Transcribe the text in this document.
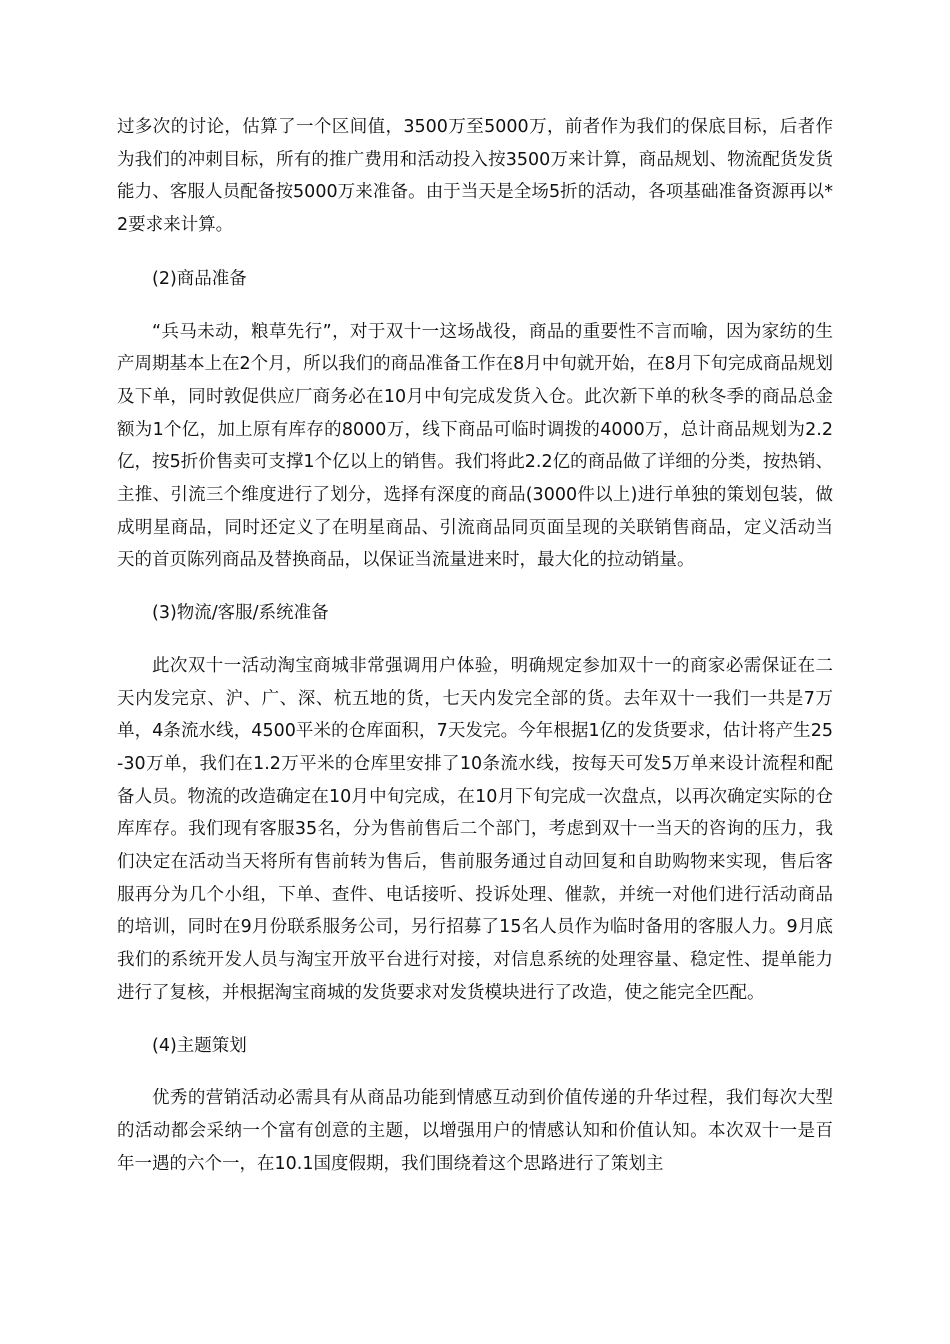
过多次的讨论，估算了一个区间值，3500万至5000万，前者作为我们的保底目标，后者作为我们的冲刺目标，所有的推广费用和活动投入按3500万来计算，商品规划、物流配货发货能力、客服人员配备按5000万来准备。由于当天是全场5折的活动，各项基础准备资源再以*2要求来计算。

(2)商品准备

“兵马未动，粮草先行”，对于双十一这场战役，商品的重要性不言而喻，因为家纺的生产周期基本上在2个月，所以我们的商品准备工作在8月中旬就开始，在8月下旬完成商品规划及下单，同时敦促供应厂商务必在10月中旬完成发货入仓。此次新下单的秋冬季的商品总金额为1个亿，加上原有库存的8000万，线下商品可临时调拨的4000万，总计商品规划为2.2亿，按5折价售卖可支撑1个亿以上的销售。我们将此2.2亿的商品做了详细的分类，按热销、主推、引流三个维度进行了划分，选择有深度的商品(3000件以上)进行单独的策划包装，做成明星商品，同时还定义了在明星商品、引流商品同页面呈现的关联销售商品，定义活动当天的首页陈列商品及替换商品，以保证当流量进来时，最大化的拉动销量。

(3)物流/客服/系统准备

此次双十一活动淘宝商城非常强调用户体验，明确规定参加双十一的商家必需保证在二天内发完京、沪、广、深、杭五地的货，七天内发完全部的货。去年双十一我们一共是7万单，4条流水线，4500平米的仓库面积，7天发完。今年根据1亿的发货要求，估计将产生25-30万单，我们在1.2万平米的仓库里安排了10条流水线，按每天可发5万单来设计流程和配备人员。物流的改造确定在10月中旬完成，在10月下旬完成一次盘点，以再次确定实际的仓库库存。我们现有客服35名，分为售前售后二个部门，考虑到双十一当天的咨询的压力，我们决定在活动当天将所有售前转为售后，售前服务通过自动回复和自助购物来实现，售后客服再分为几个小组，下单、查件、电话接听、投诉处理、催款，并统一对他们进行活动商品的培训，同时在9月份联系服务公司，另行招募了15名人员作为临时备用的客服人力。9月底我们的系统开发人员与淘宝开放平台进行对接，对信息系统的处理容量、稳定性、提单能力进行了复核，并根据淘宝商城的发货要求对发货模块进行了改造，使之能完全匹配。

(4)主题策划

优秀的营销活动必需具有从商品功能到情感互动到价值传递的升华过程，我们每次大型的活动都会采纳一个富有创意的主题，以增强用户的情感认知和价值认知。本次双十一是百年一遇的六个一，在10.1国度假期，我们围绕着这个思路进行了策划主
